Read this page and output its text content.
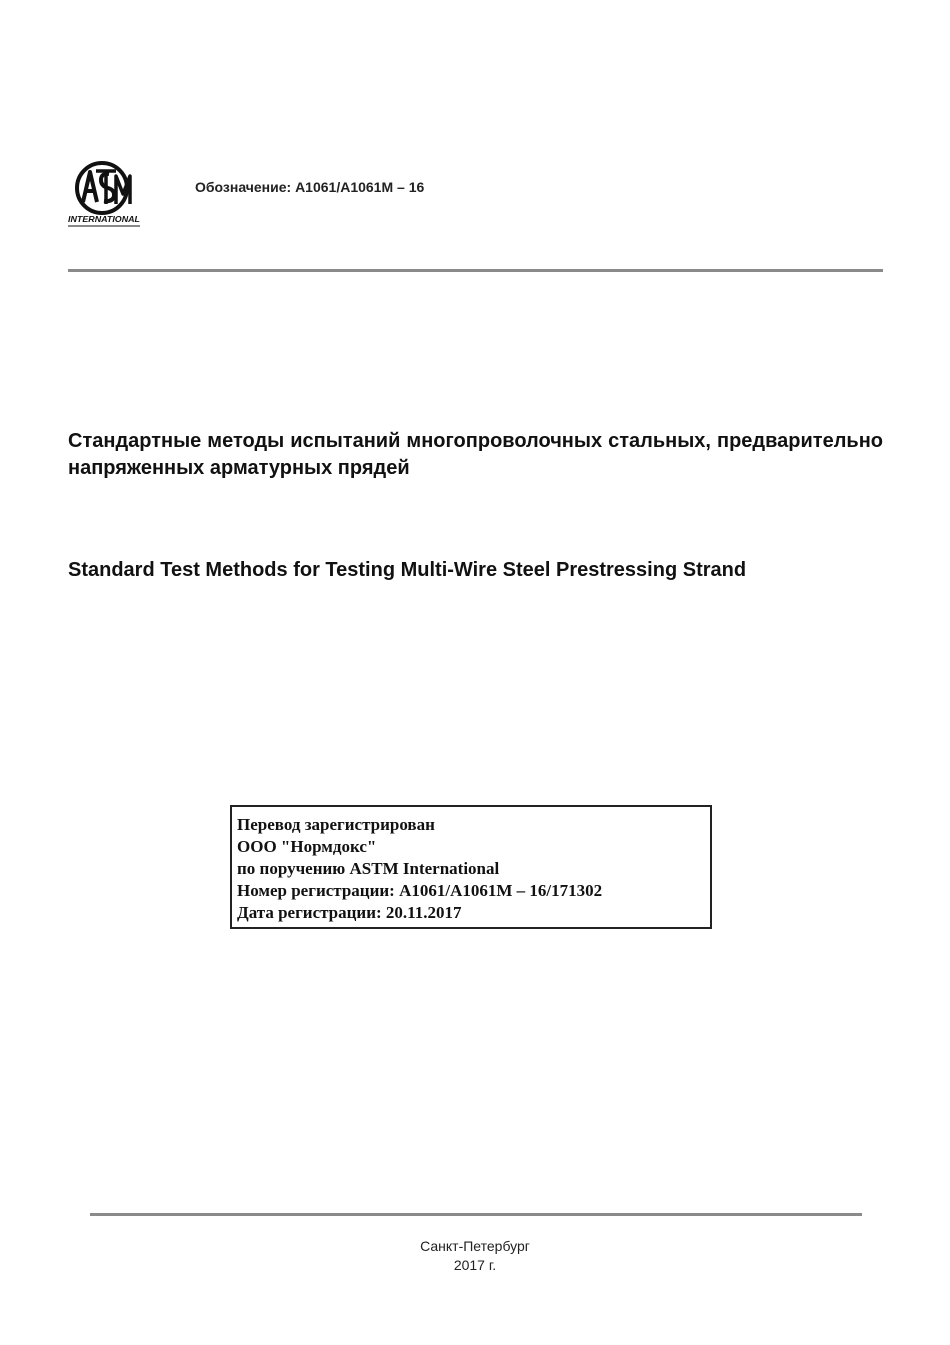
INTERNATIONAL
Обозначение: A1061/A1061M – 16
Стандартные методы испытаний многопроволочных стальных, предварительно напряженных арматурных прядей
Standard Test Methods for Testing Multi-Wire Steel Prestressing Strand
Перевод зарегистрирован
ООО "Нормдокс"
по поручению ASTM International
Номер регистрации: A1061/A1061M – 16/171302
Дата регистрации: 20.11.2017
Санкт-Петербург
2017 г.
